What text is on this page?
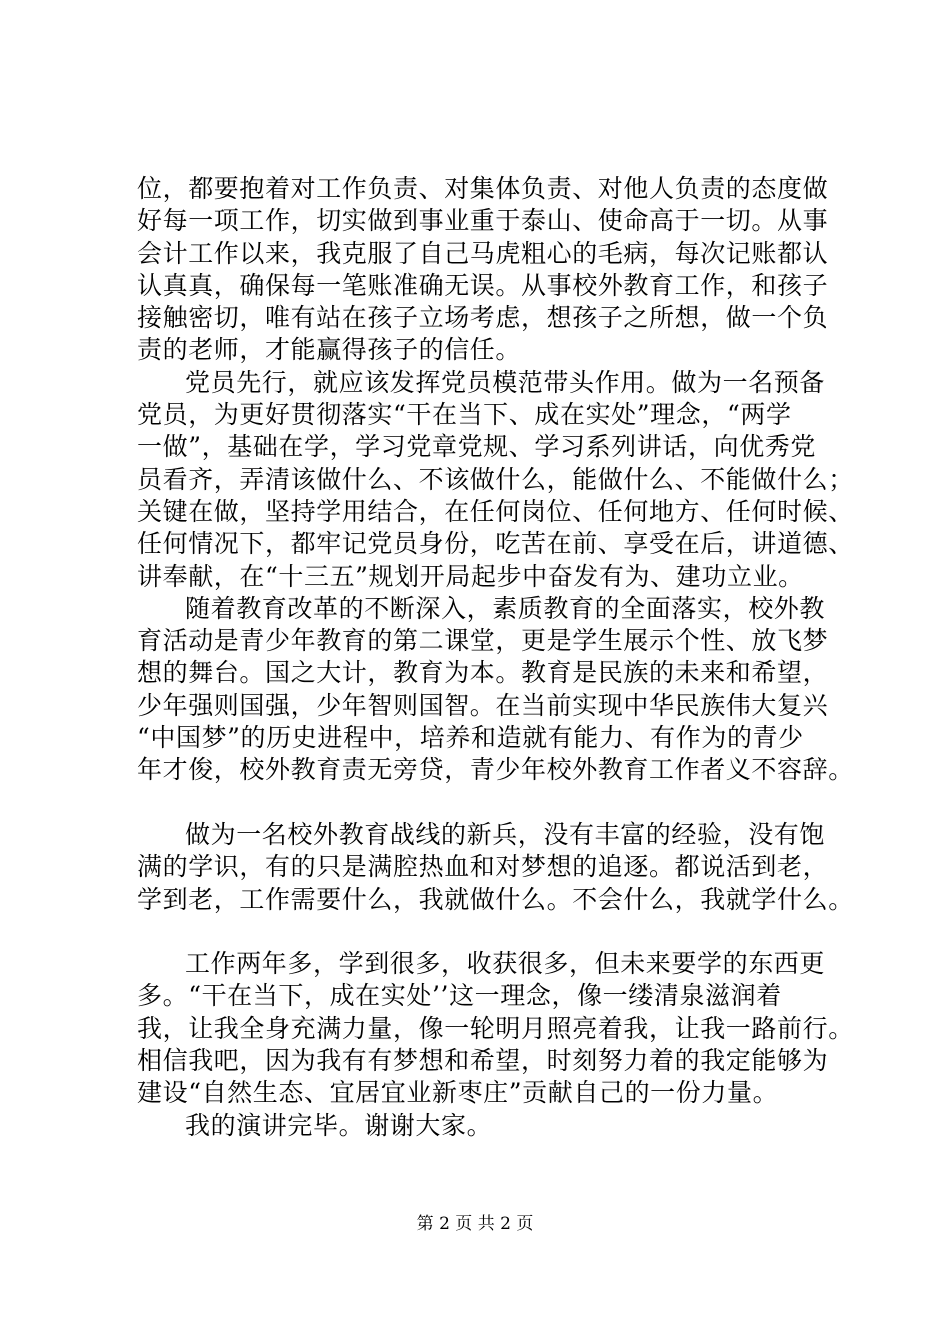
位，都要抱着对工作负责、对集体负责、对他人负责的态度做
好每一项工作，切实做到事业重于泰山、使命高于一切。从事
会计工作以来，我克服了自己马虎粗心的毛病，每次记账都认
认真真，确保每一笔账准确无误。从事校外教育工作，和孩子
接触密切，唯有站在孩子立场考虑，想孩子之所想，做一个负
责的老师，才能赢得孩子的信任。
党员先行，就应该发挥党员模范带头作用。做为一名预备
党员，为更好贯彻落实“干在当下、成在实处”理念，“两学
一做”，基础在学，学习党章党规、学习系列讲话，向优秀党
员看齐，弄清该做什么、不该做什么，能做什么、不能做什么；
关键在做，坚持学用结合，在任何岗位、任何地方、任何时候、
任何情况下，都牢记党员身份，吃苦在前、享受在后，讲道德、
讲奉献，在“十三五”规划开局起步中奋发有为、建功立业。
随着教育改革的不断深入，素质教育的全面落实，校外教
育活动是青少年教育的第二课堂，更是学生展示个性、放飞梦
想的舞台。国之大计，教育为本。教育是民族的未来和希望，
少年强则国强，少年智则国智。在当前实现中华民族伟大复兴
“中国梦”的历史进程中，培养和造就有能力、有作为的青少
年才俊，校外教育责无旁贷，青少年校外教育工作者义不容辞。
做为一名校外教育战线的新兵，没有丰富的经验，没有饱
满的学识，有的只是满腔热血和对梦想的追逐。都说活到老，
学到老，工作需要什么，我就做什么。不会什么，我就学什么。
工作两年多，学到很多，收获很多，但未来要学的东西更
多。“干在当下，成在实处’’这一理念，像一缕清泉滋润着
我，让我全身充满力量，像一轮明月照亮着我，让我一路前行。
相信我吧，因为我有有梦想和希望，时刻努力着的我定能够为
建设“自然生态、宜居宜业新枣庄”贡献自己的一份力量。
我的演讲完毕。谢谢大家。
第 2 页 共 2 页
